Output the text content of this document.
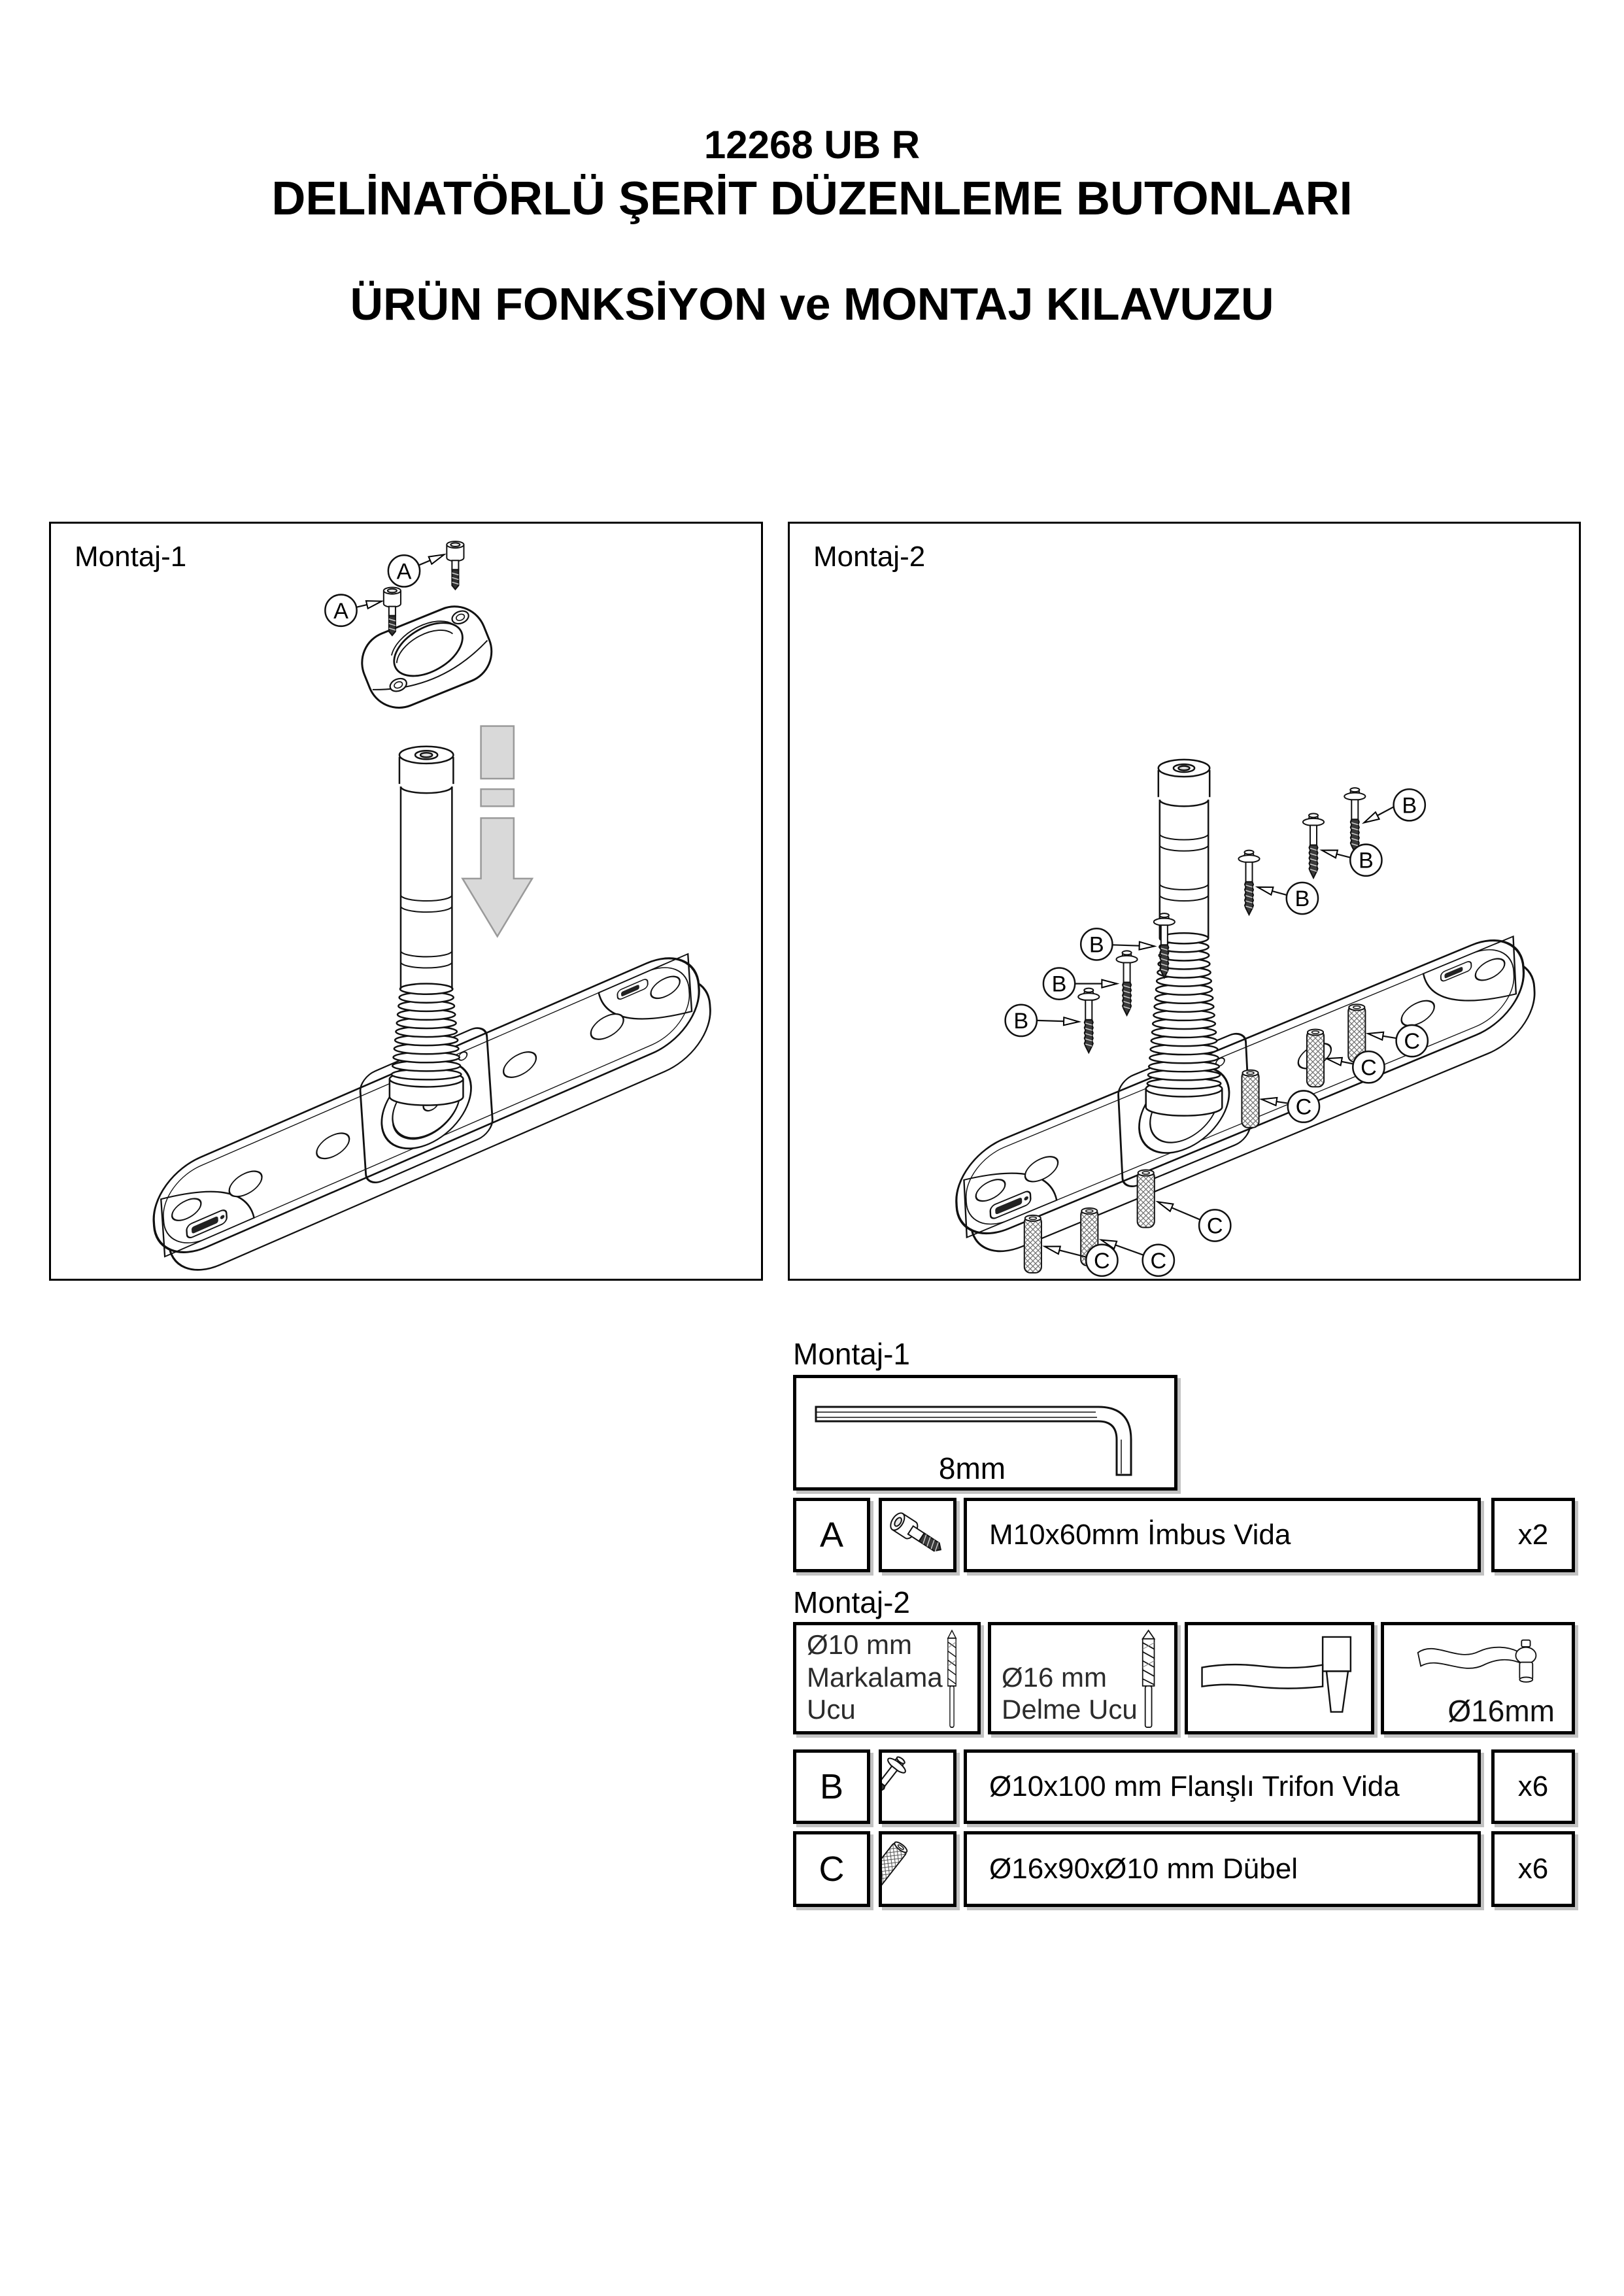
12268 UB R
DELİNATÖRLÜ ŞERİT DÜZENLEME BUTONLARI
ÜRÜN FONKSİYON ve MONTAJ KILAVUZU
A
A
Montaj-1
B
B
B
B
B
B
C
C
C
C
C
C
Montaj-2
Montaj-1
8mm
A	M10x60mm İmbus Vida	x2
Montaj-2
Ø10 mm
Markalama
Ucu
Ø16 mm
Delme Ucu	Ø16mm
B	Ø10x100 mm Flanşlı Trifon Vida	x6
C	Ø16x90xØ10 mm Dübel	x6
